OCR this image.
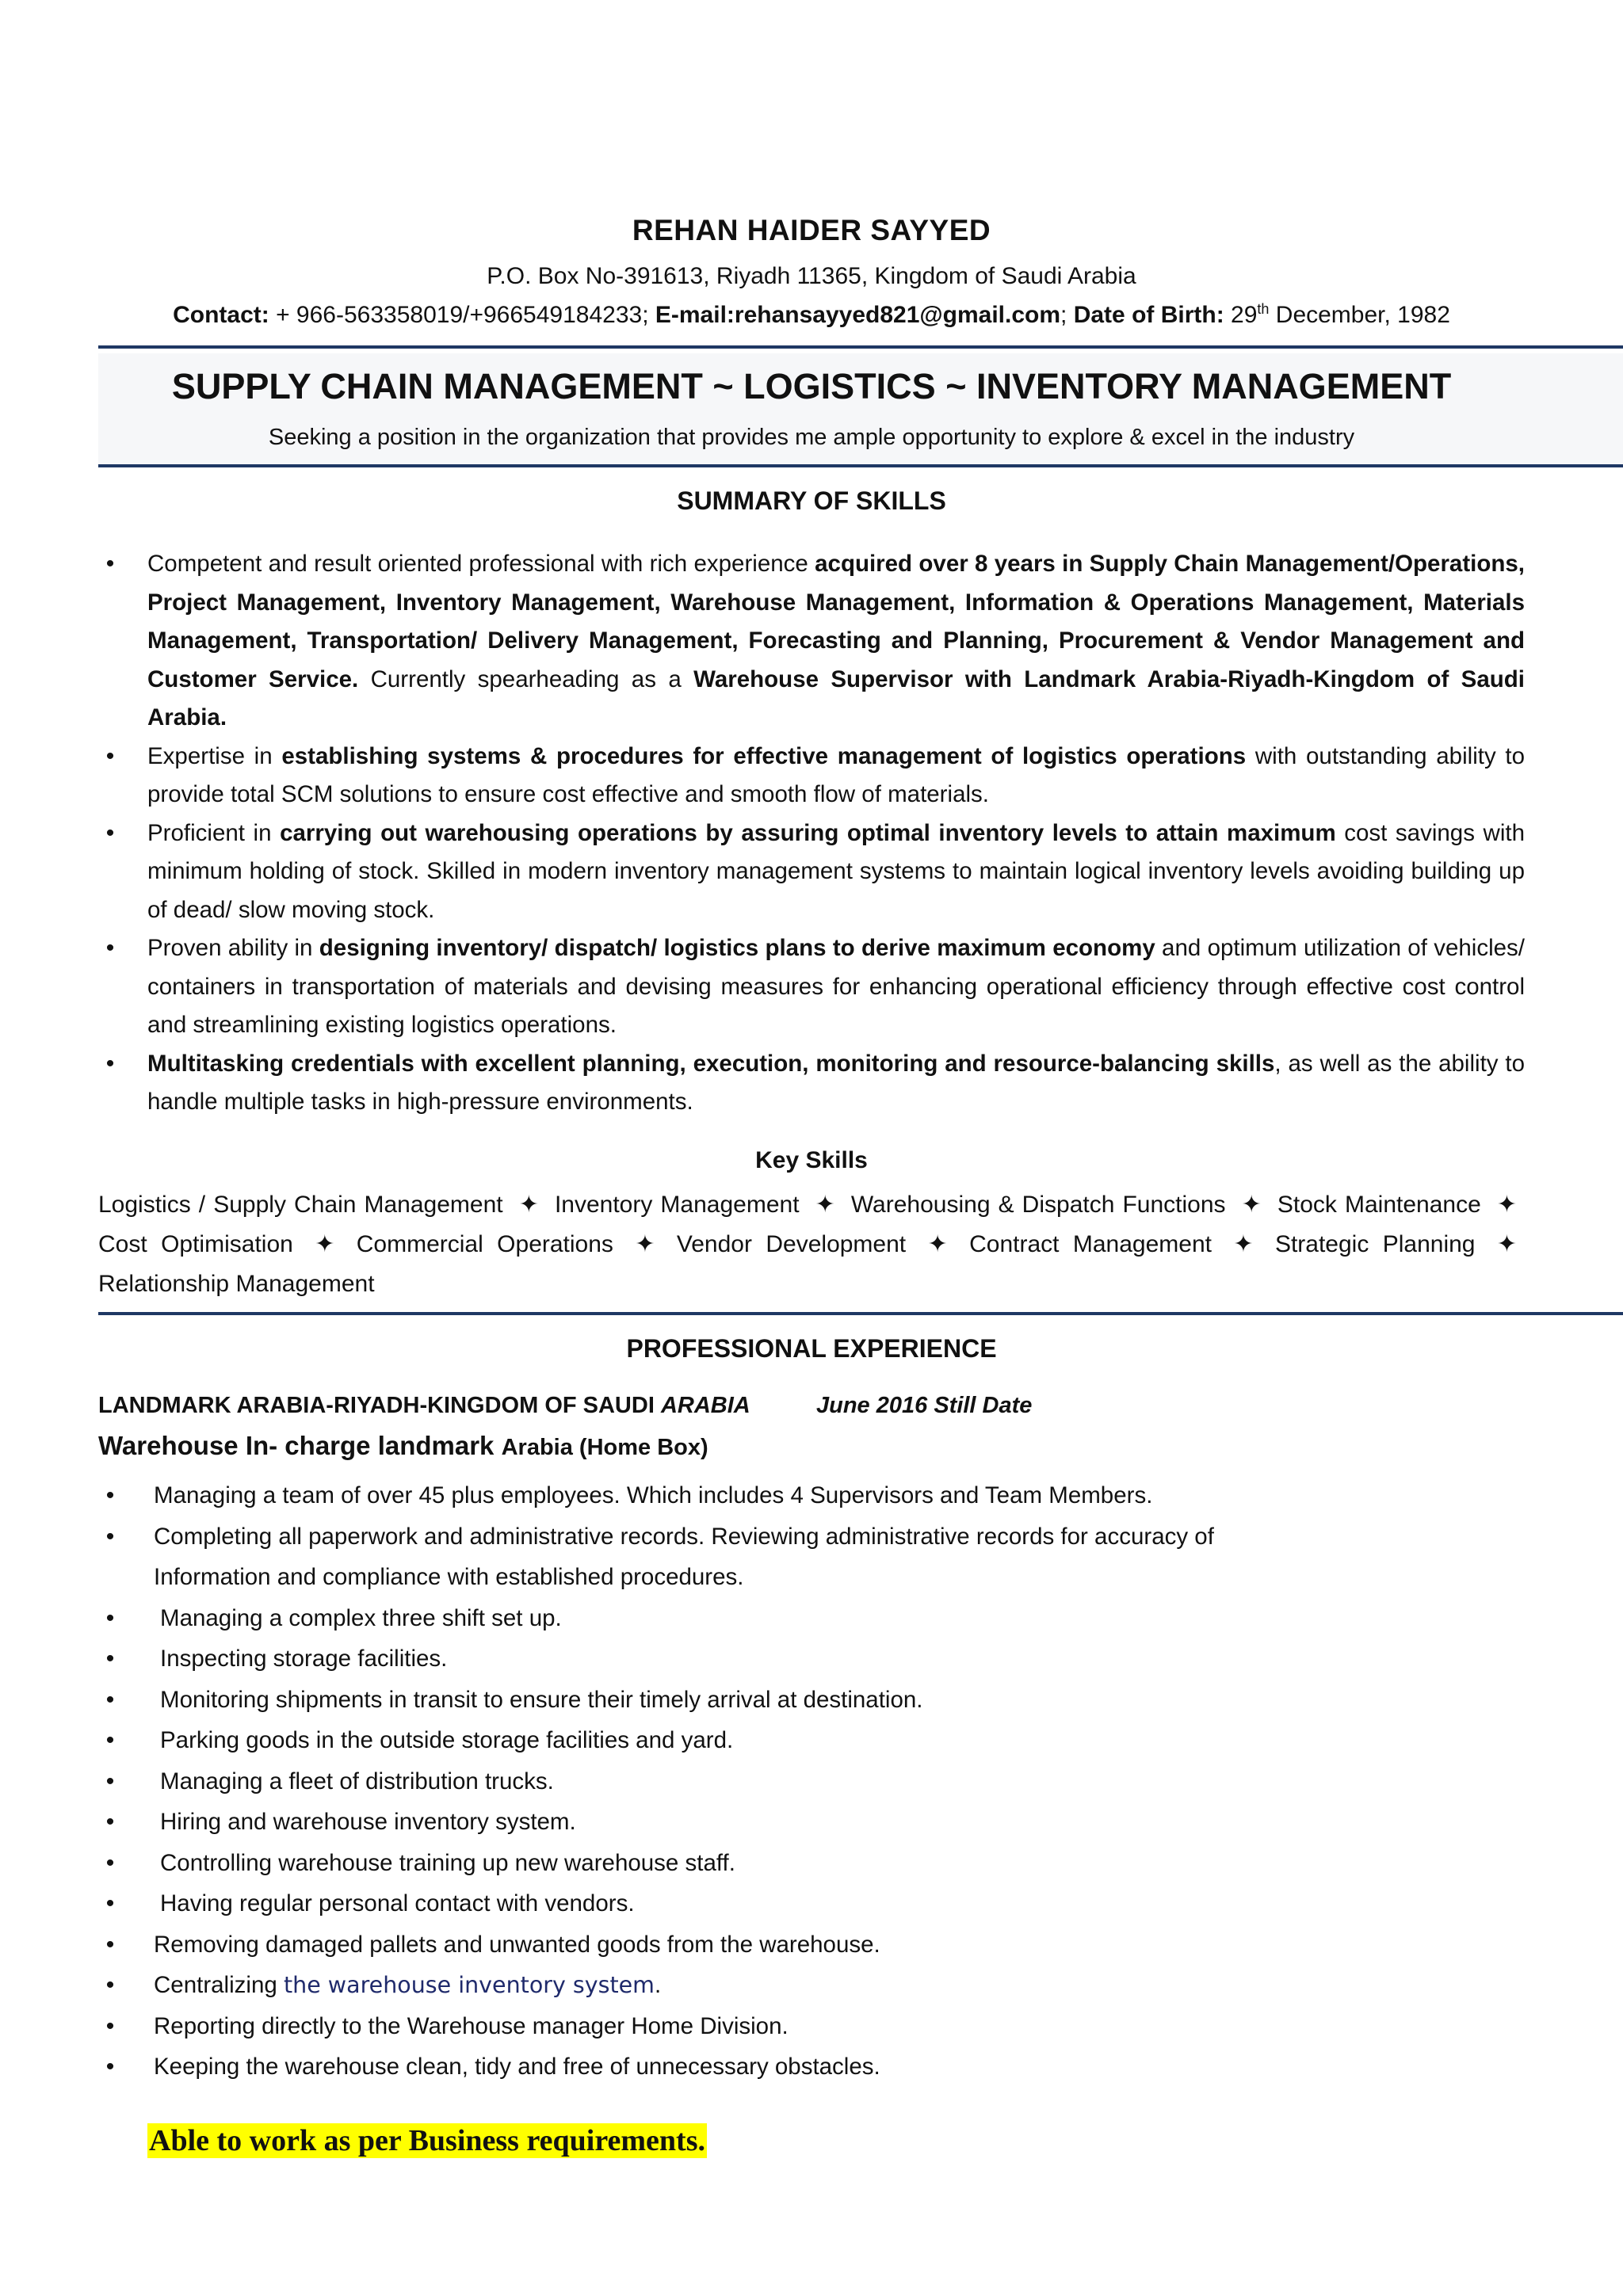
REHAN HAIDER SAYYED
P.O. Box No-391613, Riyadh 11365, Kingdom of Saudi Arabia
Contact: + 966-563358019/+966549184233; E-mail:rehansayyed821@gmail.com; Date of Birth: 29th December, 1982
SUPPLY CHAIN MANAGEMENT ~ LOGISTICS ~ INVENTORY MANAGEMENT
Seeking a position in the organization that provides me ample opportunity to explore & excel in the industry
SUMMARY OF SKILLS
•	Competent and result oriented professional with rich experience acquired over 8 years in Supply Chain Management/Operations, Project Management, Inventory Management, Warehouse Management, Information & Operations Management, Materials Management, Transportation/ Delivery Management, Forecasting and Planning, Procurement & Vendor Management and Customer Service. Currently spearheading as a Warehouse Supervisor with Landmark Arabia-Riyadh-Kingdom of Saudi Arabia.
•	Expertise in establishing systems & procedures for effective management of logistics operations with outstanding ability to provide total SCM solutions to ensure cost effective and smooth flow of materials.
•	Proficient in carrying out warehousing operations by assuring optimal inventory levels to attain maximum cost savings with minimum holding of stock. Skilled in modern inventory management systems to maintain logical inventory levels avoiding building up of dead/ slow moving stock.
•	Proven ability in designing inventory/ dispatch/ logistics plans to derive maximum economy and optimum utilization of vehicles/ containers in transportation of materials and devising measures for enhancing operational efficiency through effective cost control and streamlining existing logistics operations.
•	Multitasking credentials with excellent planning, execution, monitoring and resource-balancing skills, as well as the ability to handle multiple tasks in high-pressure environments.
Key Skills
Logistics / Supply Chain Management ✦ Inventory Management ✦ Warehousing & Dispatch Functions ✦ Stock Maintenance ✦ Cost Optimisation ✦ Commercial Operations ✦ Vendor Development ✦ Contract Management ✦ Strategic Planning ✦ Relationship Management
PROFESSIONAL EXPERIENCE
LANDMARK ARABIA-RIYADH-KINGDOM OF SAUDI ARABIA	June 2016 Still Date
Warehouse In- charge landmark Arabia (Home Box)
•	Managing a team of over 45 plus employees. Which includes 4 Supervisors and Team Members.
•	Completing all paperwork and administrative records. Reviewing administrative records for accuracy of
Information and compliance with established procedures.
•	Managing a complex three shift set up.
•	Inspecting storage facilities.
•	Monitoring shipments in transit to ensure their timely arrival at destination.
•	Parking goods in the outside storage facilities and yard.
•	Managing a fleet of distribution trucks.
•	Hiring and warehouse inventory system.
•	Controlling warehouse training up new warehouse staff.
•	Having regular personal contact with vendors.
•	Removing damaged pallets and unwanted goods from the warehouse.
•	Centralizing the warehouse inventory system.
•	Reporting directly to the Warehouse manager Home Division.
•	Keeping the warehouse clean, tidy and free of unnecessary obstacles.
Able to work as per Business requirements.
